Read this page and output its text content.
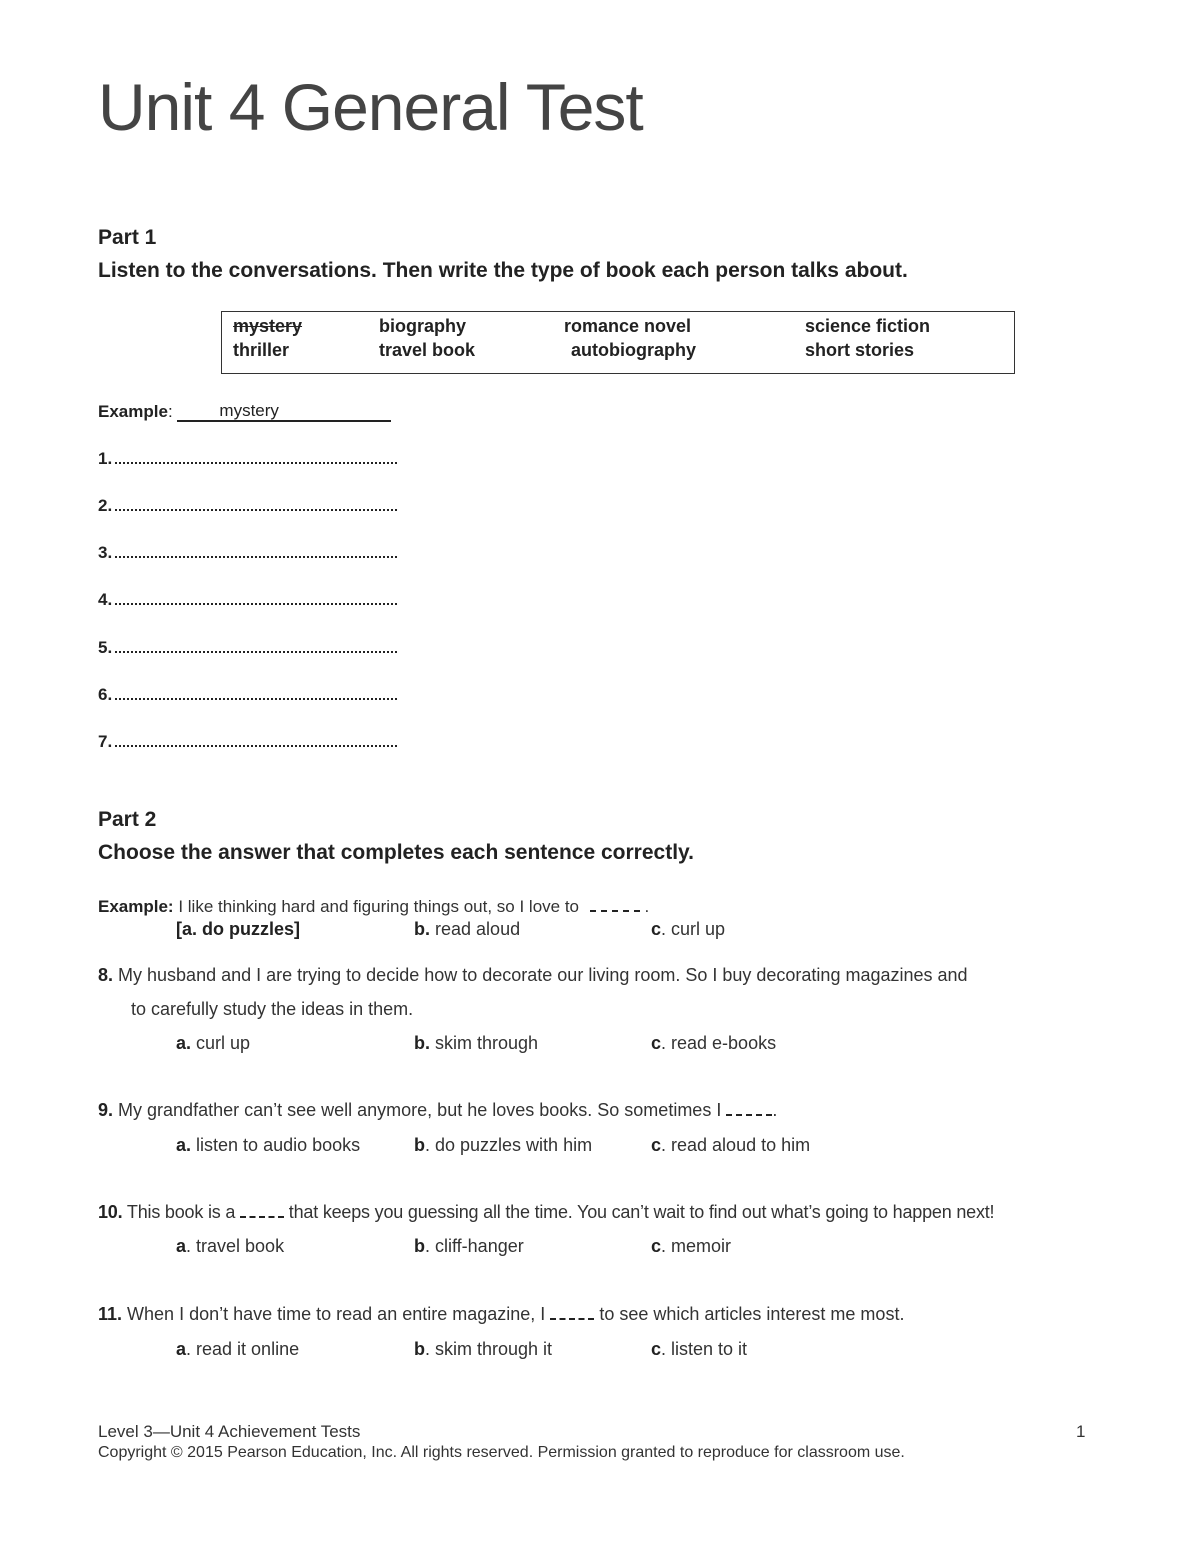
Unit 4 General Test
Part 1
Listen to the conversations. Then write the type of book each person talks about.
mystery	biography	romance novel	science fiction
thriller	travel book	autobiography	short stories
Example:	mystery
1.
2.
3.
4.
5.
6.
7.
Part 2
Choose the answer that completes each sentence correctly.
Example: I like thinking hard and figuring things out, so I love to	.
[a. do puzzles]	b. read aloud	c. curl up
8. My husband and I are trying to decide how to decorate our living room. So I buy decorating magazines and
to carefully study the ideas in them.
a. curl up	b. skim through	c. read e-books
9. My grandfather can’t see well anymore, but he loves books. So sometimes I	.
a. listen to audio books	b. do puzzles with him	c. read aloud to him
10. This book is a	that keeps you guessing all the time. You can’t wait to find out what’s going to happen next!
a. travel book	b. cliff-hanger	c. memoir
11. When I don’t have time to read an entire magazine, I	to see which articles interest me most.
a. read it online	b. skim through it	c. listen to it
Level 3—Unit 4 Achievement Tests	1
Copyright © 2015 Pearson Education, Inc. All rights reserved. Permission granted to reproduce for classroom use.
